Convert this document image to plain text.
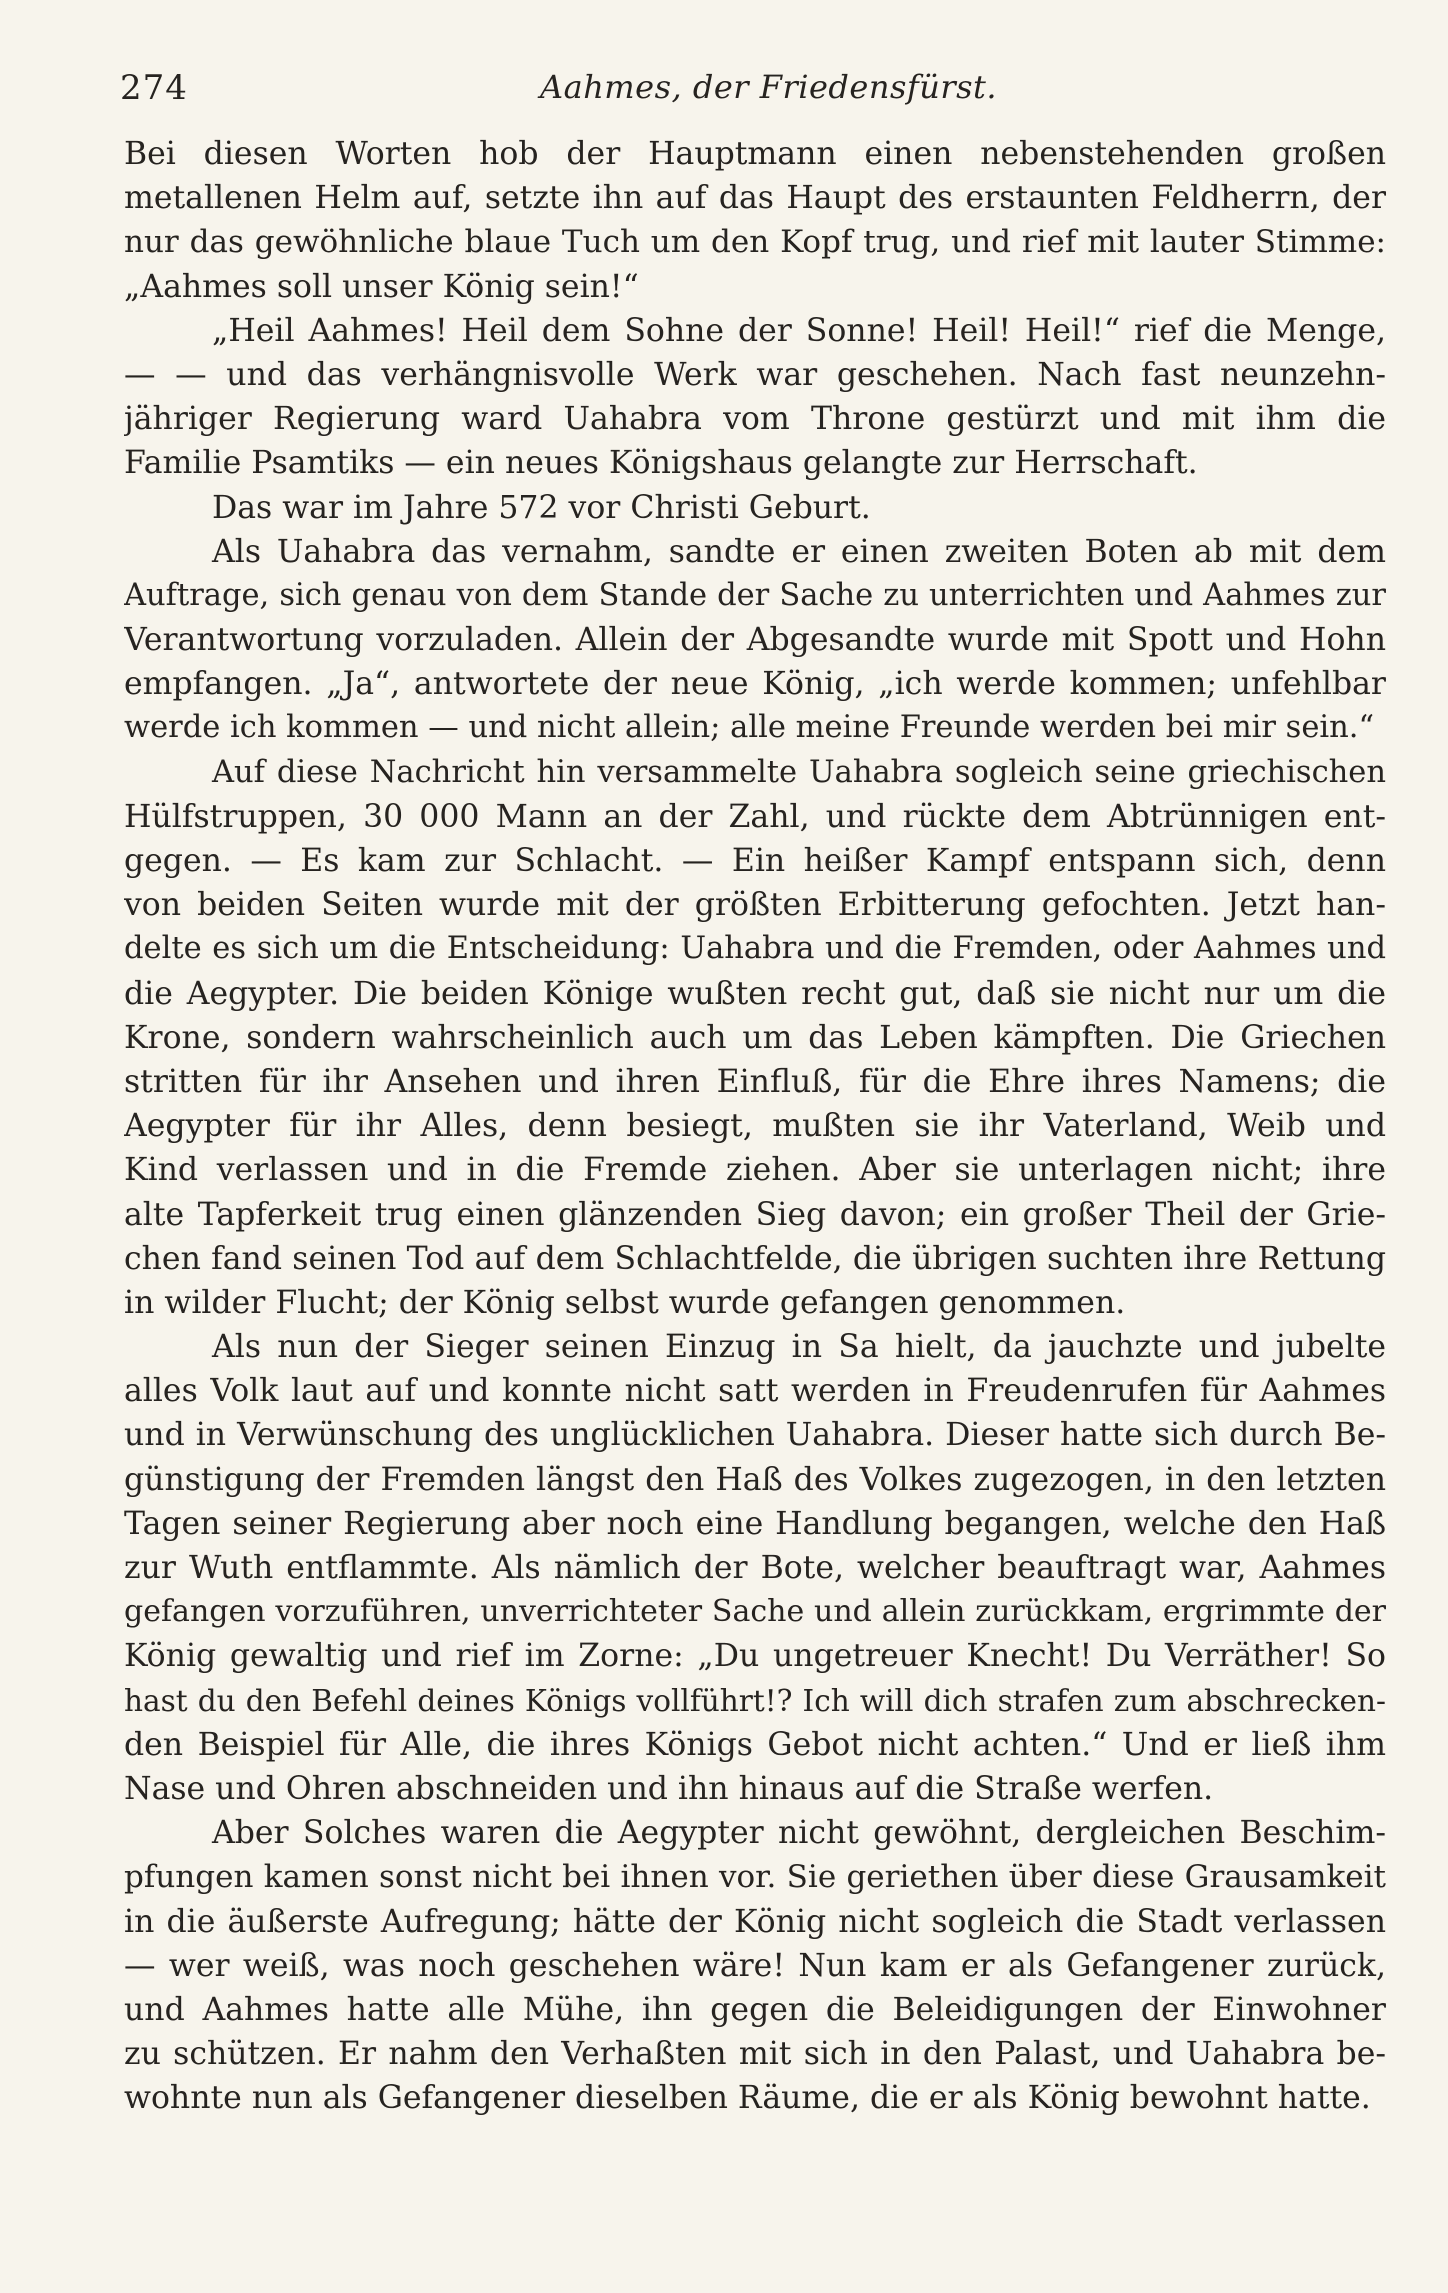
274	Aahmes, der Friedensfürst.
Bei diesen Worten hob der Hauptmann einen nebenstehenden großen
metallenen Helm auf, setzte ihn auf das Haupt des erstaunten Feldherrn, der
nur das gewöhnliche blaue Tuch um den Kopf trug, und rief mit lauter Stimme:
„Aahmes soll unser König sein!“
„Heil Aahmes! Heil dem Sohne der Sonne! Heil! Heil!“ rief die Menge,
— — und das verhängnisvolle Werk war geschehen. Nach fast neunzehn-
jähriger Regierung ward Uahabra vom Throne gestürzt und mit ihm die
Familie Psamtiks — ein neues Königshaus gelangte zur Herrschaft.
Das war im Jahre 572 vor Christi Geburt.
Als Uahabra das vernahm, sandte er einen zweiten Boten ab mit dem
Auftrage, sich genau von dem Stande der Sache zu unterrichten und Aahmes zur
Verantwortung vorzuladen. Allein der Abgesandte wurde mit Spott und Hohn
empfangen. „Ja“, antwortete der neue König, „ich werde kommen; unfehlbar
werde ich kommen — und nicht allein; alle meine Freunde werden bei mir sein.“
Auf diese Nachricht hin versammelte Uahabra sogleich seine griechischen
Hülfstruppen, 30 000 Mann an der Zahl, und rückte dem Abtrünnigen ent-
gegen. — Es kam zur Schlacht. — Ein heißer Kampf entspann sich, denn
von beiden Seiten wurde mit der größten Erbitterung gefochten. Jetzt han-
delte es sich um die Entscheidung: Uahabra und die Fremden, oder Aahmes und
die Aegypter. Die beiden Könige wußten recht gut, daß sie nicht nur um die
Krone, sondern wahrscheinlich auch um das Leben kämpften. Die Griechen
stritten für ihr Ansehen und ihren Einfluß, für die Ehre ihres Namens; die
Aegypter für ihr Alles, denn besiegt, mußten sie ihr Vaterland, Weib und
Kind verlassen und in die Fremde ziehen. Aber sie unterlagen nicht; ihre
alte Tapferkeit trug einen glänzenden Sieg davon; ein großer Theil der Grie-
chen fand seinen Tod auf dem Schlachtfelde, die übrigen suchten ihre Rettung
in wilder Flucht; der König selbst wurde gefangen genommen.
Als nun der Sieger seinen Einzug in Sa hielt, da jauchzte und jubelte
alles Volk laut auf und konnte nicht satt werden in Freudenrufen für Aahmes
und in Verwünschung des unglücklichen Uahabra. Dieser hatte sich durch Be-
günstigung der Fremden längst den Haß des Volkes zugezogen, in den letzten
Tagen seiner Regierung aber noch eine Handlung begangen, welche den Haß
zur Wuth entflammte. Als nämlich der Bote, welcher beauftragt war, Aahmes
gefangen vorzuführen, unverrichteter Sache und allein zurückkam, ergrimmte der
König gewaltig und rief im Zorne: „Du ungetreuer Knecht! Du Verräther! So
hast du den Befehl deines Königs vollführt!? Ich will dich strafen zum abschrecken-
den Beispiel für Alle, die ihres Königs Gebot nicht achten.“ Und er ließ ihm
Nase und Ohren abschneiden und ihn hinaus auf die Straße werfen.
Aber Solches waren die Aegypter nicht gewöhnt, dergleichen Beschim-
pfungen kamen sonst nicht bei ihnen vor. Sie geriethen über diese Grausamkeit
in die äußerste Aufregung; hätte der König nicht sogleich die Stadt verlassen
— wer weiß, was noch geschehen wäre! Nun kam er als Gefangener zurück,
und Aahmes hatte alle Mühe, ihn gegen die Beleidigungen der Einwohner
zu schützen. Er nahm den Verhaßten mit sich in den Palast, und Uahabra be-
wohnte nun als Gefangener dieselben Räume, die er als König bewohnt hatte.
